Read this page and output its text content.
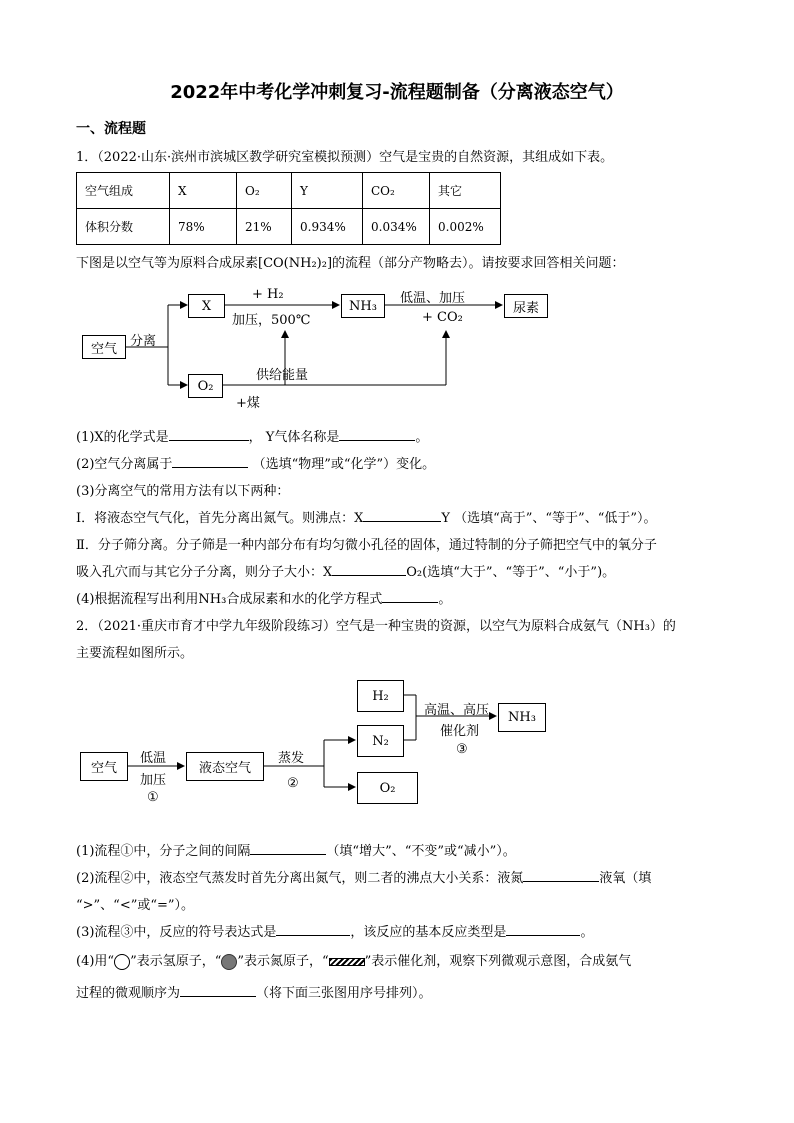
2022年中考化学冲刺复习-流程题制备（分离液态空气）
一、流程题
1．（2022·山东·滨州市滨城区教学研究室模拟预测）空气是宝贵的自然资源，其组成如下表。
空气组成	X	O₂	Y	CO₂	其它
体积分数	78%	21%	0.934%	0.034%	0.002%
下图是以空气等为原料合成尿素[CO(NH₂)₂]的流程（部分产物略去）。请按要求回答相关问题：
空气	分离
X
O₂
+ H₂
加压，500℃
NH₃	低温、加压
+ CO₂
尿素
供给能量
+煤
(1)X的化学式是	， Y气体名称是	。
(2)空气分离属于	（选填“物理”或“化学”）变化。
(3)分离空气的常用方法有以下两种：
Ⅰ．将液态空气气化，首先分离出氮气。则沸点：X	Y （选填“高于”、“等于”、“低于”）。
Ⅱ．分子筛分离。分子筛是一种内部分布有均匀微小孔径的固体，通过特制的分子筛把空气中的氧分子
吸入孔穴而与其它分子分离，则分子大小：X	O₂(选填“大于”、“等于”、“小于”)。
(4)根据流程写出利用NH₃合成尿素和水的化学方程式	。
2．（2021·重庆市育才中学九年级阶段练习）空气是一种宝贵的资源，以空气为原料合成氨气（NH₃）的
主要流程如图所示。
空气
低温
加压
①
液态空气
蒸发
②
H₂
N₂
O₂
高温、高压
催化剂
③
NH₃
(1)流程①中，分子之间的间隔	（填“增大”、“不变”或“减小”）。
(2)流程②中，液态空气蒸发时首先分离出氮气，则二者的沸点大小关系：液氮	液氧（填
“>”、“<”或“=”）。
(3)流程③中，反应的符号表达式是	，该反应的基本反应类型是	。
(4)用“ ”表示氢原子，“ ”表示氮原子，“	”表示催化剂，观察下列微观示意图，合成氨气
过程的微观顺序为	（将下面三张图用序号排列）。
